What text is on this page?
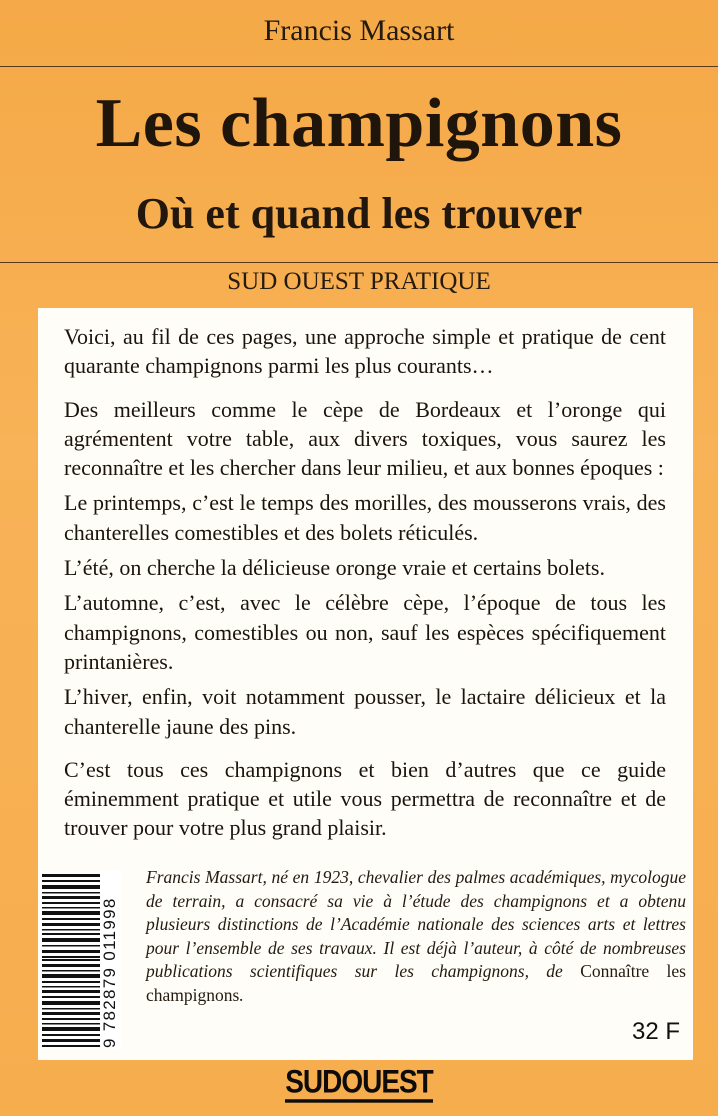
Francis Massart
Les champignons
Où et quand les trouver
SUD OUEST PRATIQUE

Voici, au fil de ces pages, une approche simple et pratique de cent quarante champignons parmi les plus courants…

Des meilleurs comme le cèpe de Bordeaux et l’oronge qui agrémentent votre table, aux divers toxiques, vous saurez les reconnaître et les chercher dans leur milieu, et aux bonnes époques :

Le printemps, c’est le temps des morilles, des mousserons vrais, des chanterelles comestibles et des bolets réticulés.

L’été, on cherche la délicieuse oronge vraie et certains bolets.

L’automne, c’est, avec le célèbre cèpe, l’époque de tous les champignons, comestibles ou non, sauf les espèces spécifiquement printanières.

L’hiver, enfin, voit notamment pousser, le lactaire délicieux et la chanterelle jaune des pins.

C’est tous ces champignons et bien d’autres que ce guide éminemment pratique et utile vous permettra de reconnaître et de trouver pour votre plus grand plaisir.

9 782879 011998
Francis Massart, né en 1923, chevalier des palmes académiques, mycologue de terrain, a consacré sa vie à l’étude des champignons et a obtenu plusieurs distinctions de l’Académie nationale des sciences arts et lettres pour l’ensemble de ses travaux. Il est déjà l’auteur, à côté de nombreuses publications scientifiques sur les champignons, de Connaître les champignons.
32 F
SUDOUEST
